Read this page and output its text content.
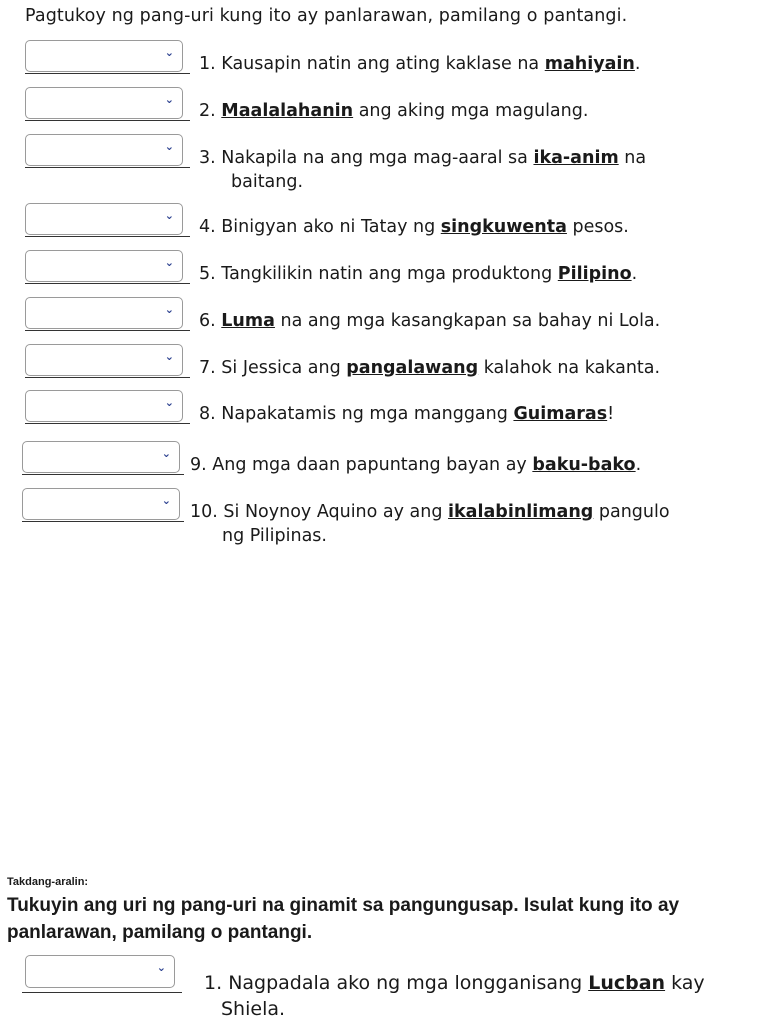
Pagtukoy ng pang-uri kung ito ay panlarawan, pamilang o pantangi.
⌄
1. Kausapin natin ang ating kaklase na mahiyain.
⌄
2. Maalalahanin ang aking mga magulang.
⌄
3. Nakapila na ang mga mag-aaral sa ika-anim na
baitang.
⌄
4. Binigyan ako ni Tatay ng singkuwenta pesos.
⌄
5. Tangkilikin natin ang mga produktong Pilipino.
⌄
6. Luma na ang mga kasangkapan sa bahay ni Lola.
⌄
7. Si Jessica ang pangalawang kalahok na kakanta.
⌄
8. Napakatamis ng mga manggang Guimaras!
⌄
9. Ang mga daan papuntang bayan ay baku-bako.
⌄
10. Si Noynoy Aquino ay ang ikalabinlimang pangulo
ng Pilipinas.
Takdang-aralin:
Tukuyin ang uri ng pang-uri na ginamit sa pangungusap. Isulat kung ito ay panlarawan, pamilang o pantangi.
⌄
1. Nagpadala ako ng mga longganisang Lucban kay
Shiela.
